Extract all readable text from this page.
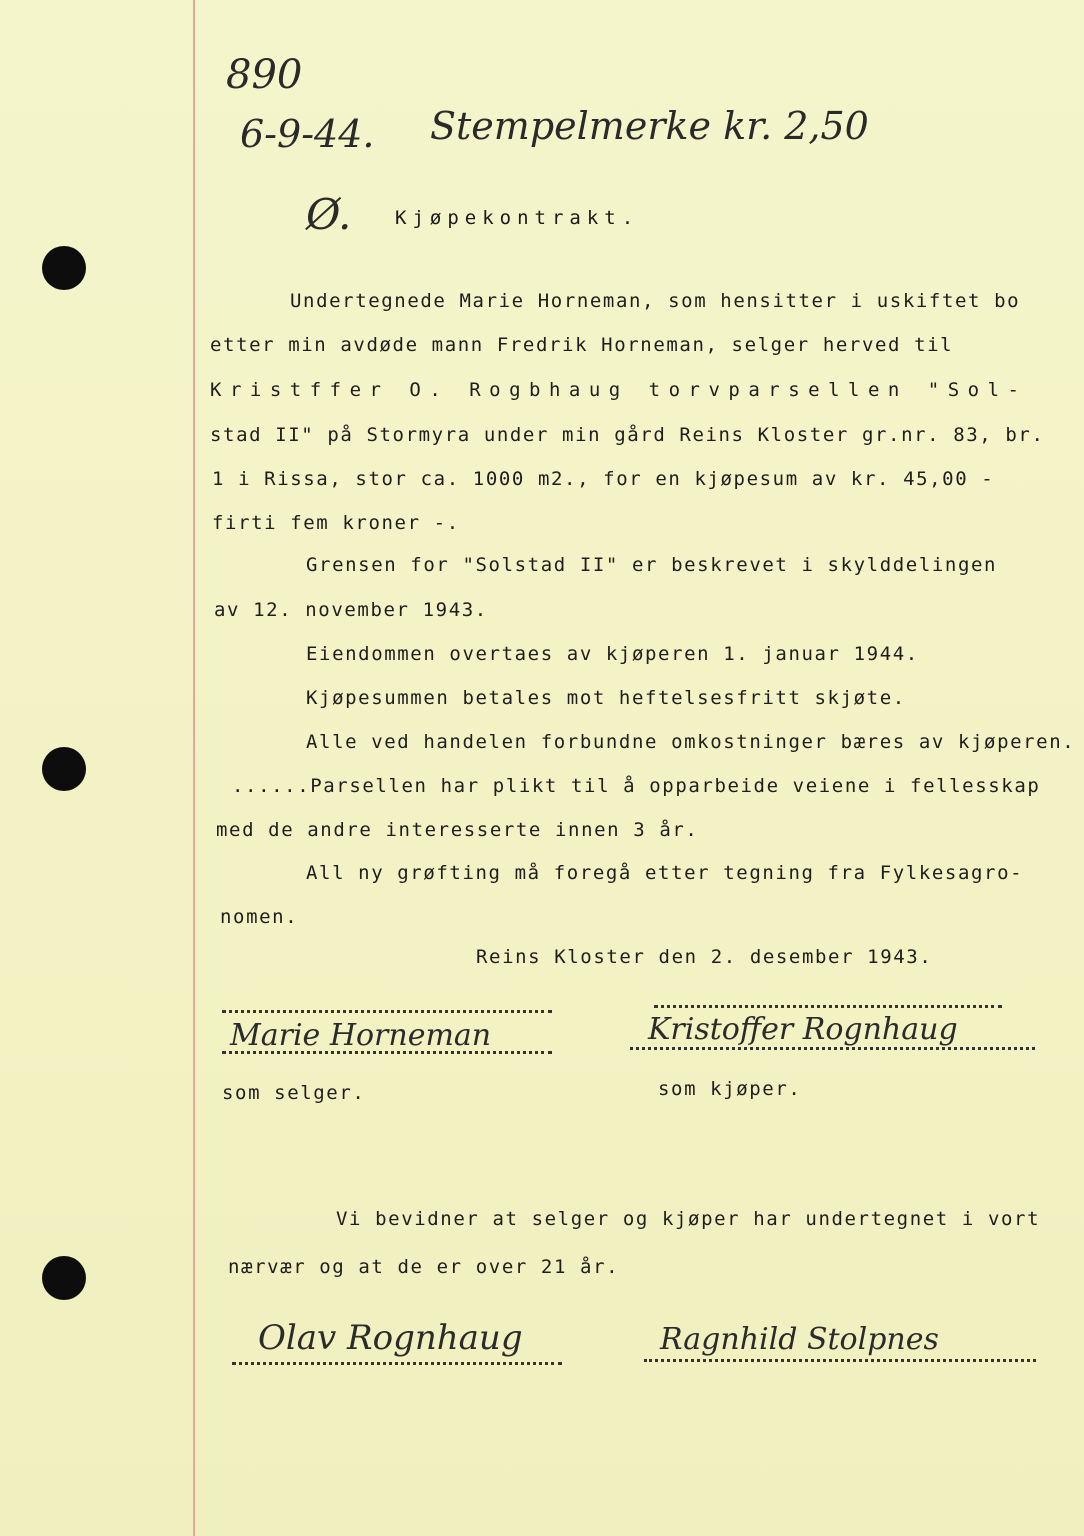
890
6-9-44. Stempelmerke kr. 2,50
Ø. Kjøpekontrakt.
Undertegnede Marie Horneman, som hensitter i uskiftet bo
etter min avdøde mann Fredrik Horneman, selger herved til
Kristffer O. Rogbhaug torvparsellen "Sol-
stad II" på Stormyra under min gård Reins Kloster gr.nr. 83, br.
1 i Rissa, stor ca. 1000 m2., for en kjøpesum av kr. 45,00 -
firti fem kroner -.
Grensen for "Solstad II" er beskrevet i skylddelingen
av 12. november 1943.
Eiendommen overtaes av kjøperen 1. januar 1944.
Kjøpesummen betales mot heftelsesfritt skjøte.
Alle ved handelen forbundne omkostninger bæres av kjøperen.
......Parsellen har plikt til å opparbeide veiene i fellesskap
med de andre interesserte innen 3 år.
All ny grøfting må foregå etter tegning fra Fylkesagro-
nomen.
Reins Kloster den 2. desember 1943.
Marie Horneman	Kristoffer Rognhaug
som selger.	som kjøper.
Vi bevidner at selger og kjøper har undertegnet i vort
nærvær og at de er over 21 år.
Olav Rognhaug	Ragnhild Stolpnes
